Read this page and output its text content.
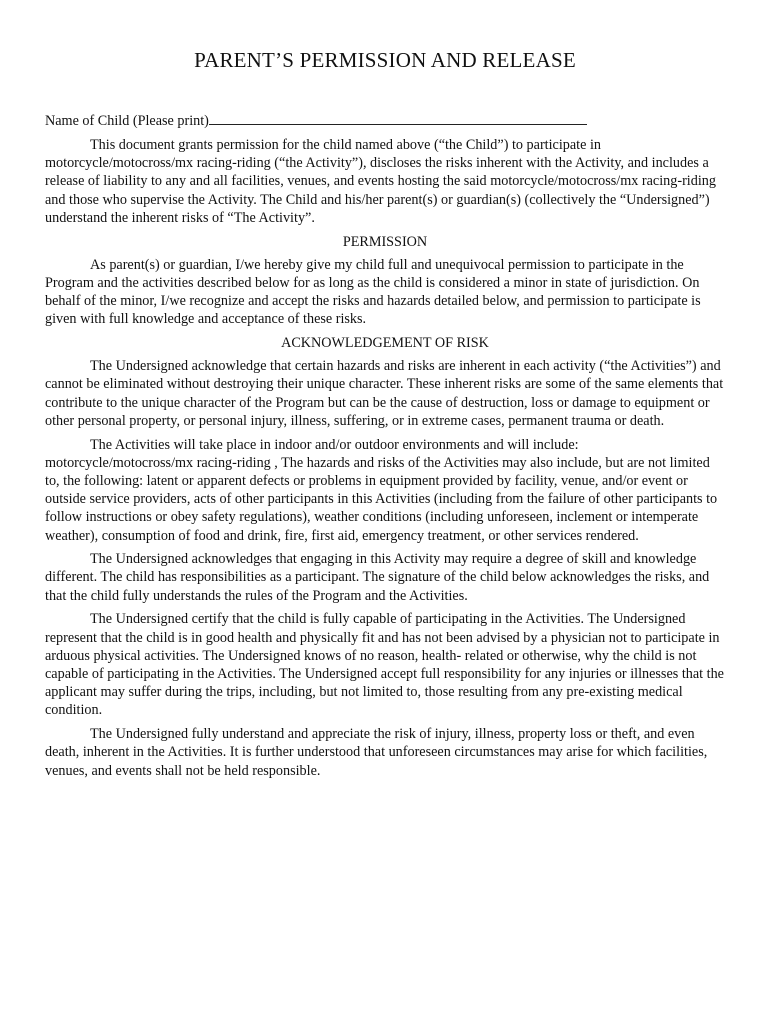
PARENT’S PERMISSION AND RELEASE
Name of Child (Please print)

This document grants permission for the child named above (“the Child”) to participate in motorcycle/motocross/mx racing-riding (“the Activity”), discloses the risks inherent with the Activity, and includes a release of liability to any and all facilities, venues, and events hosting the said motorcycle/motocross/mx racing-riding and those who supervise the Activity. The Child and his/her parent(s) or guardian(s) (collectively the “Undersigned”) understand the inherent risks of “The Activity”.

PERMISSION

As parent(s) or guardian, I/we hereby give my child full and unequivocal permission to participate in the Program and the activities described below for as long as the child is considered a minor in state of jurisdiction. On behalf of the minor, I/we recognize and accept the risks and hazards detailed below, and permission to participate is given with full knowledge and acceptance of these risks.

ACKNOWLEDGEMENT OF RISK

The Undersigned acknowledge that certain hazards and risks are inherent in each activity (“the Activities”) and cannot be eliminated without destroying their unique character. These inherent risks are some of the same elements that contribute to the unique character of the Program but can be the cause of destruction, loss or damage to equipment or other personal property, or personal injury, illness, suffering, or in extreme cases, permanent trauma or death.

The Activities will take place in indoor and/or outdoor environments and will include: motorcycle/motocross/mx racing-riding , The hazards and risks of the Activities may also include, but are not limited to, the following: latent or apparent defects or problems in equipment provided by facility, venue, and/or event or outside service providers, acts of other participants in this Activities (including from the failure of other participants to follow instructions or obey safety regulations), weather conditions (including unforeseen, inclement or intemperate weather), consumption of food and drink, fire, first aid, emergency treatment, or other services rendered.

The Undersigned acknowledges that engaging in this Activity may require a degree of skill and knowledge different. The child has responsibilities as a participant. The signature of the child below acknowledges the risks, and that the child fully understands the rules of the Program and the Activities.

The Undersigned certify that the child is fully capable of participating in the Activities. The Undersigned represent that the child is in good health and physically fit and has not been advised by a physician not to participate in arduous physical activities. The Undersigned knows of no reason, health- related or otherwise, why the child is not capable of participating in the Activities. The Undersigned accept full responsibility for any injuries or illnesses that the applicant may suffer during the trips, including, but not limited to, those resulting from any pre-existing medical condition.

The Undersigned fully understand and appreciate the risk of injury, illness, property loss or theft, and even death, inherent in the Activities. It is further understood that unforeseen circumstances may arise for which facilities, venues, and events shall not be held responsible.
